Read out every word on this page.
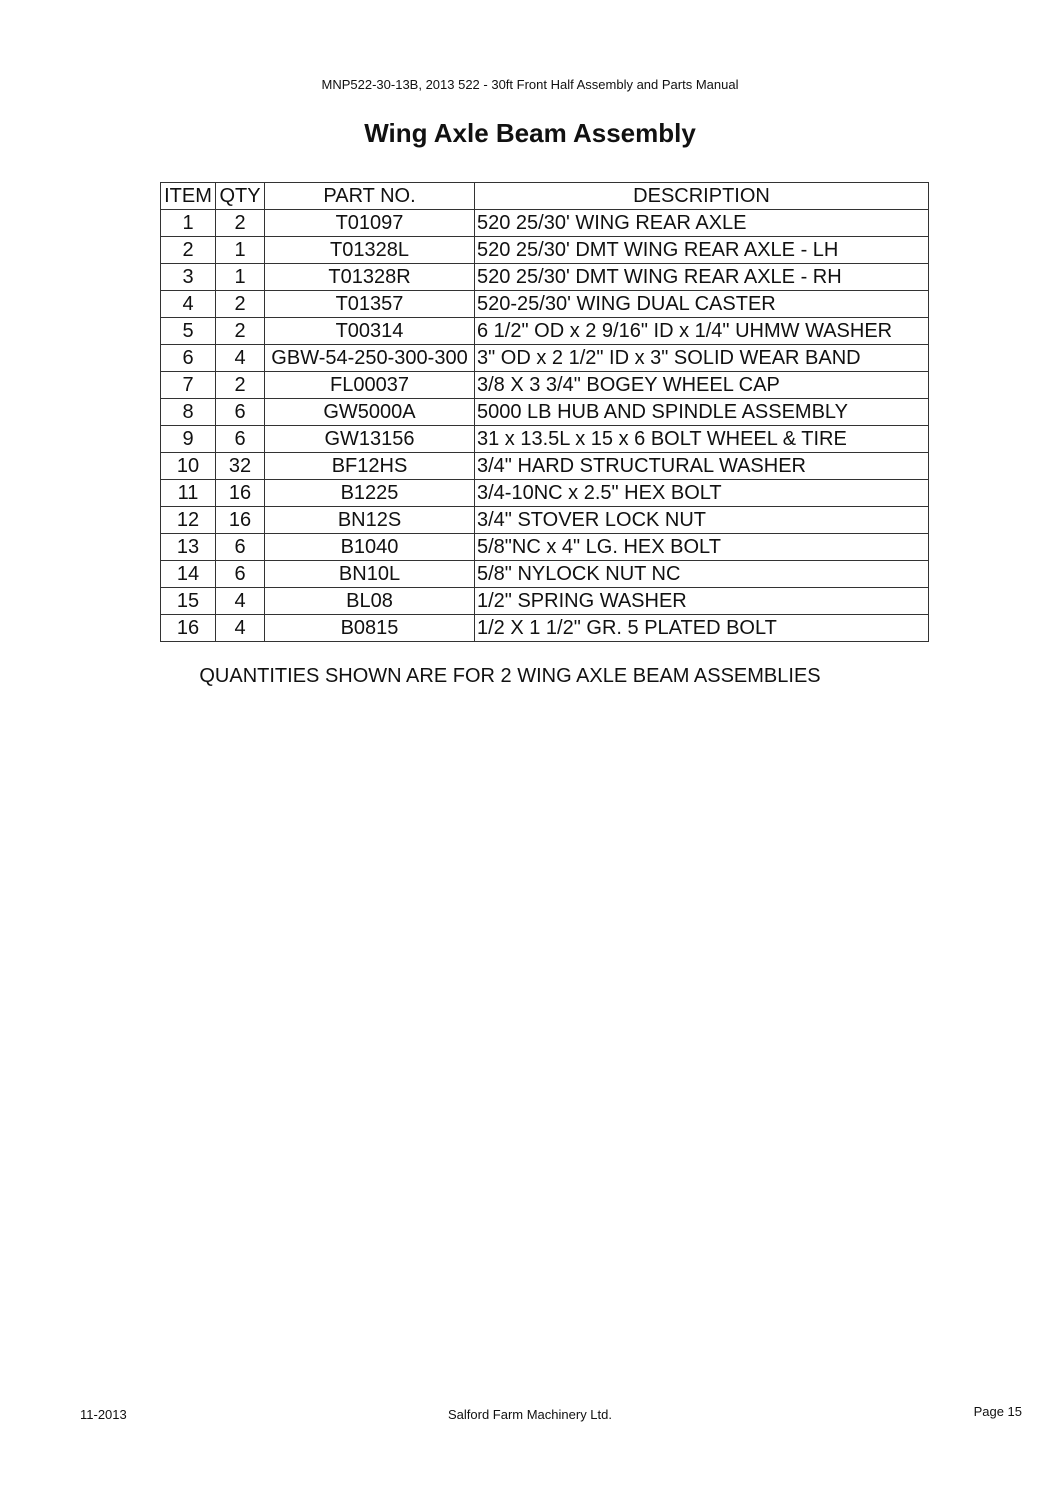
MNP522-30-13B, 2013 522 - 30ft Front Half Assembly and Parts Manual
Wing Axle Beam Assembly
ITEM	QTY	PART NO.	DESCRIPTION
1	2	T01097	520 25/30' WING REAR AXLE
2	1	T01328L	520 25/30' DMT WING REAR AXLE - LH
3	1	T01328R	520 25/30' DMT WING REAR AXLE - RH
4	2	T01357	520-25/30' WING DUAL CASTER
5	2	T00314	6 1/2" OD x 2 9/16" ID x 1/4" UHMW WASHER
6	4	GBW-54-250-300-300	3" OD x 2 1/2" ID x 3" SOLID WEAR BAND
7	2	FL00037	3/8 X 3 3/4" BOGEY WHEEL CAP
8	6	GW5000A	5000 LB HUB AND SPINDLE ASSEMBLY
9	6	GW13156	31 x 13.5L x 15 x 6 BOLT WHEEL & TIRE
10	32	BF12HS	3/4" HARD STRUCTURAL WASHER
11	16	B1225	3/4-10NC x 2.5" HEX BOLT
12	16	BN12S	3/4" STOVER LOCK NUT
13	6	B1040	5/8"NC x 4" LG. HEX BOLT
14	6	BN10L	5/8" NYLOCK NUT NC
15	4	BL08	1/2" SPRING WASHER
16	4	B0815	1/2 X 1 1/2" GR. 5 PLATED BOLT
QUANTITIES SHOWN ARE FOR 2 WING AXLE BEAM ASSEMBLIES
11-2013	Salford Farm Machinery Ltd.	Page 15
